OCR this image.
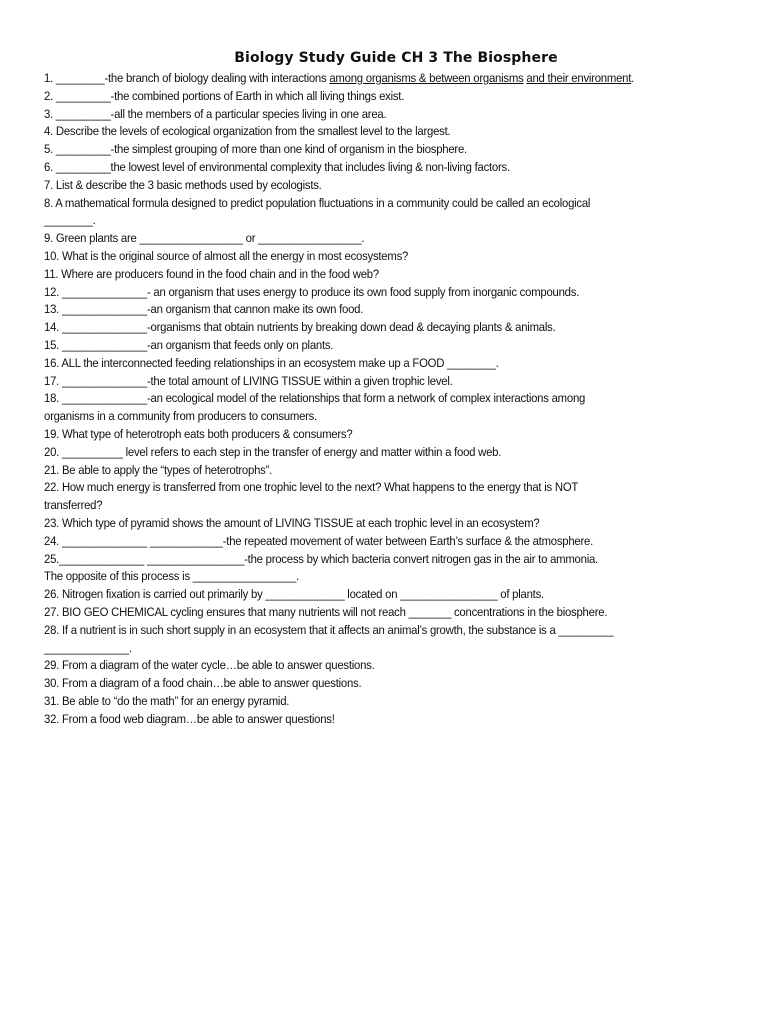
Biology Study Guide CH 3 The Biosphere
1. ________-the branch of biology dealing with interactions among organisms & between organisms and their environment.
2. _________-the combined portions of Earth in which all living things exist.
3. _________-all the members of a particular species living in one area.
4. Describe the levels of ecological organization from the smallest level to the largest.
5. _________-the simplest grouping of more than one kind of organism in the biosphere.
6. _________the lowest level of environmental complexity that includes living & non-living factors.
7. List & describe the 3 basic methods used by ecologists.
8. A mathematical formula designed to predict population fluctuations in a community could be called an ecological
________.
9. Green plants are _________________ or _________________.
10. What is the original source of almost all the energy in most ecosystems?
11. Where are producers found in the food chain and in the food web?
12. ______________- an organism that uses energy to produce its own food supply from inorganic compounds.
13. ______________-an organism that cannon make its own food.
14. ______________-organisms that obtain nutrients by breaking down dead & decaying plants & animals.
15. ______________-an organism that feeds only on plants.
16. ALL the interconnected feeding relationships in an ecosystem make up a FOOD ________.
17. ______________-the total amount of LIVING TISSUE within a given trophic level.
18. ______________-an ecological model of the relationships that form a network of complex interactions among
organisms in a community from producers to consumers.
19. What type of heterotroph eats both producers & consumers?
20. __________ level refers to each step in the transfer of energy and matter within a food web.
21. Be able to apply the “types of heterotrophs”.
22. How much energy is transferred from one trophic level to the next? What happens to the energy that is NOT
transferred?
23. Which type of pyramid shows the amount of LIVING TISSUE at each trophic level in an ecosystem?
24. ______________ ____________-the repeated movement of water between Earth’s surface & the atmosphere.
25.______________ ________________-the process by which bacteria convert nitrogen gas in the air to ammonia.
The opposite of this process is _________________.
26. Nitrogen fixation is carried out primarily by _____________ located on ________________ of plants.
27. BIO GEO CHEMICAL cycling ensures that many nutrients will not reach _______ concentrations in the biosphere.
28. If a nutrient is in such short supply in an ecosystem that it affects an animal’s growth, the substance is a _________
______________.
29. From a diagram of the water cycle…be able to answer questions.
30. From a diagram of a food chain…be able to answer questions.
31. Be able to “do the math” for an energy pyramid.
32. From a food web diagram…be able to answer questions!
